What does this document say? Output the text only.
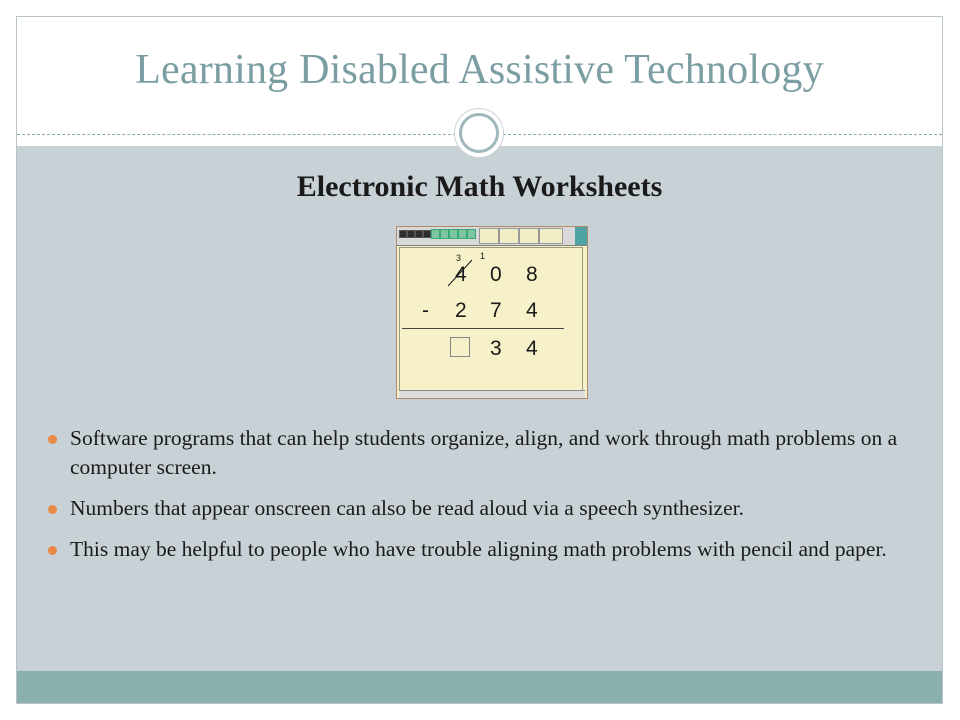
Learning Disabled Assistive Technology
Electronic Math Worksheets
3 1
4 0 8
- 2 7 4
3 4
Software programs that can help students organize, align, and work through math problems on a computer screen.
Numbers that appear onscreen can also be read aloud via a speech synthesizer.
This may be helpful to people who have trouble aligning math problems with pencil and paper.
